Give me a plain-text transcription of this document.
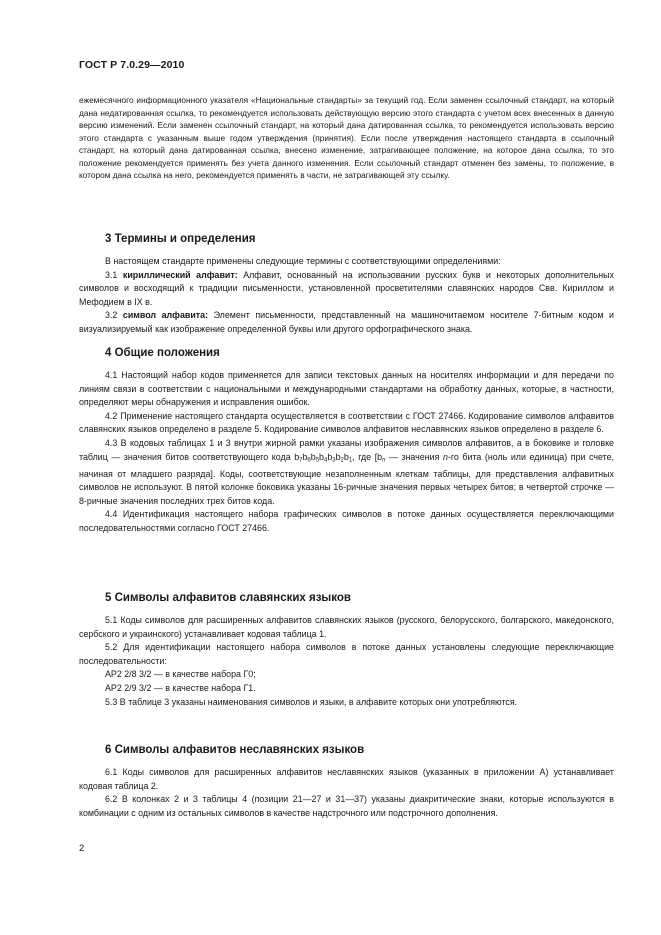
ГОСТ Р 7.0.29—2010
ежемесячного информационного указателя «Национальные стандарты» за текущий год. Если заменен ссылочный стандарт, на который дана недатированная ссылка, то рекомендуется использовать действующую версию этого стандарта с учетом всех внесенных в данную версию изменений. Если заменен ссылочный стандарт, на который дана датированная ссылка, то рекомендуется использовать версию этого стандарта с указанным выше годом утверждения (принятия). Если после утверждения настоящего стандарта в ссылочный стандарт, на который дана датированная ссылка, внесено изменение, затрагивающее положение, на которое дана ссылка, то это положение рекомендуется применять без учета данного изменения. Если ссылочный стандарт отменен без замены, то положение, в котором дана ссылка на него, рекомендуется применять в части, не затрагивающей эту ссылку.

3 Термины и определения

В настоящем стандарте применены следующие термины с соответствующими определениями:

3.1 кириллический алфавит: Алфавит, основанный на использовании русских букв и некоторых дополнительных символов и восходящий к традиции письменности, установленной просветителями славянских народов Свв. Кириллом и Мефодием в IX в.

3.2 символ алфавита: Элемент письменности, представленный на машиночитаемом носителе 7-битным кодом и визуализируемый как изображение определенной буквы или другого орфографического знака.

4 Общие положения

4.1 Настоящий набор кодов применяется для записи текстовых данных на носителях информации и для передачи по линиям связи в соответствии с национальными и международными стандартами на обработку данных, которые, в частности, определяют меры обнаружения и исправления ошибок.

4.2 Применение настоящего стандарта осуществляется в соответствии с ГОСТ 27466. Кодирование символов алфавитов славянских языков определено в разделе 5. Кодирование символов алфавитов неславянских языков определено в разделе 6.

4.3 В кодовых таблицах 1 и 3 внутри жирной рамки указаны изображения символов алфавитов, а в боковике и головке таблиц — значения битов соответствующего кода $b_7b_6b_5b_4b_3b_2b_1$, где [$b_n$ — значения n-го бита (ноль или единица) при счете, начиная от младшего разряда]. Коды, соответствующие незаполненным клеткам таблицы, для представления алфавитных символов не используют. В пятой колонке боковика указаны 16-ричные значения первых четырех битов; в четвертой строчке — 8-ричные значения последних трех битов кода.

4.4 Идентификация настоящего набора графических символов в потоке данных осуществляется переключающими последовательностями согласно ГОСТ 27466.

5 Символы алфавитов славянских языков

5.1 Коды символов для расширенных алфавитов славянских языков (русского, белорусского, болгарского, македонского, сербского и украинского) устанавливает кодовая таблица 1.

5.2 Для идентификации настоящего набора символов в потоке данных установлены следующие переключающие последовательности:

АР2 2/8 3/2 — в качестве набора Г0;

АР2 2/9 3/2 — в качестве набора Г1.

5.3 В таблице 3 указаны наименования символов и языки, в алфавите которых они употребляются.

6 Символы алфавитов неславянских языков

6.1 Коды символов для расширенных алфавитов неславянских языков (указанных в приложении А) устанавливает кодовая таблица 2.

6.2 В колонках 2 и 3 таблицы 4 (позиции 21—27 и 31—37) указаны диакритические знаки, которые используются в комбинации с одним из остальных символов в качестве надстрочного или подстрочного дополнения.

2
